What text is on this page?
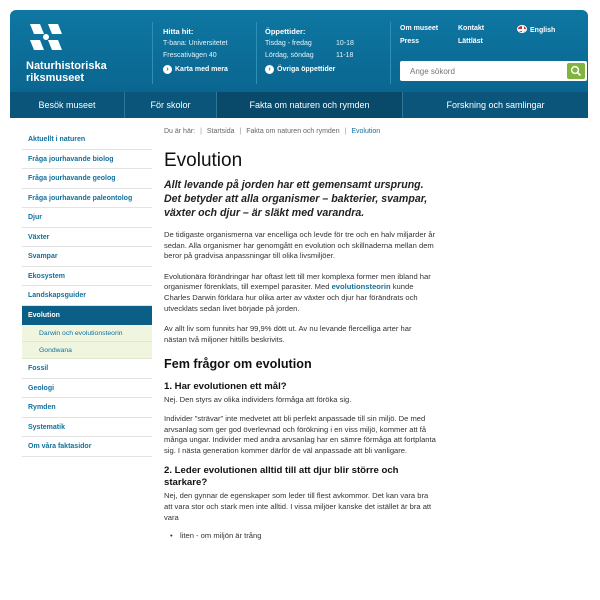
Naturhistoriska
riksmuseet
Hitta hit:
T-bana: Universitetet
Frescativägen 40
› Karta med mera
Öppettider:
Tisdag - fredag	10-18
Lördag, söndag	11-18
› Övriga öppettider
Om museet	Kontakt	English
Press	Lättläst
Ange sökord
Besök museet	För skolor	Fakta om naturen och rymden	Forskning och samlingar
Aktuellt i naturen
Fråga jourhavande biolog
Fråga jourhavande geolog
Fråga jourhavande paleontolog
Djur
Växter
Svampar
Ekosystem
Landskapsguider
Evolution
Darwin och evolutionsteorin
Gondwana
Fossil
Geologi
Rymden
Systematik
Om våra faktasidor
Du är här: | Startsida | Fakta om naturen och rymden | Evolution
Evolution

Allt levande på jorden har ett gemensamt ursprung. Det betyder att alla organismer – bakterier, svampar, växter och djur – är släkt med varandra.

De tidigaste organismerna var encelliga och levde för tre och en halv miljarder år sedan. Alla organismer har genomgått en evolution och skillnaderna mellan dem beror på gradvisa anpassningar till olika livsmiljöer.

Evolutionära förändringar har oftast lett till mer komplexa former men ibland har organismer förenklats, till exempel parasiter. Med evolutionsteorin kunde Charles Darwin förklara hur olika arter av växter och djur har förändrats och utvecklats sedan livet började på jorden.

Av allt liv som funnits har 99,9% dött ut. Av nu levande flercelliga arter har nästan två miljoner hittills beskrivits.

Fem frågor om evolution
1. Har evolutionen ett mål?

Nej. Den styrs av olika individers förmåga att föröka sig.

Individer ”strävar” inte medvetet att bli perfekt anpassade till sin miljö. De med arvsanlag som ger god överlevnad och förökning i en viss miljö, kommer att få många ungar. Individer med andra arvsanlag har en sämre förmåga att fortplanta sig. I nästa generation kommer därför de väl anpassade att bli vanligare.

2. Leder evolutionen alltid till att djur blir större och starkare?

Nej, den gynnar de egenskaper som leder till flest avkommor. Det kan vara bra att vara stor och stark men inte alltid. I vissa miljöer kanske det istället är bra att vara

• liten - om miljön är trång
